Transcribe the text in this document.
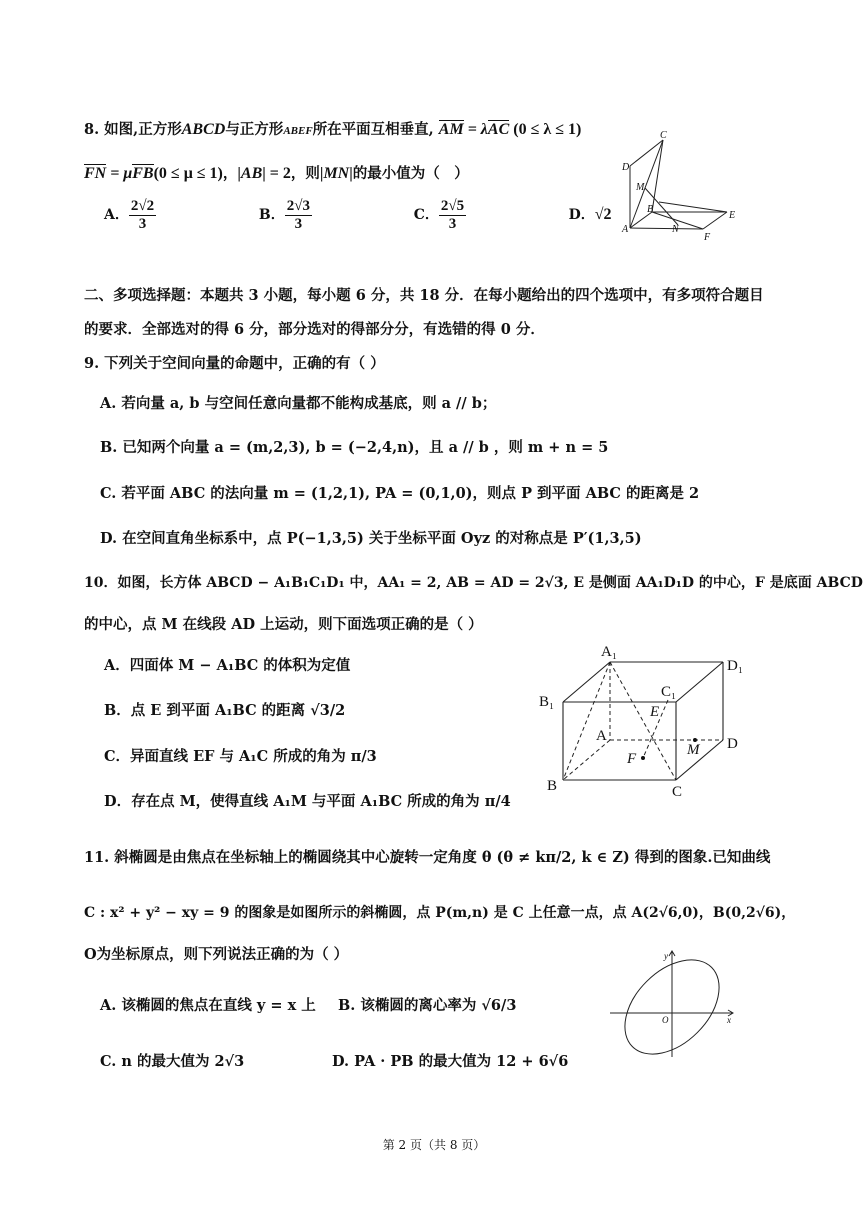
8. 如图,正方形ABCD与正方形ABEF所在平面互相垂直, AM = λAC (0 ≤ λ ≤ 1)
FN = μFB(0 ≤ μ ≤ 1)，|AB| = 2，则|MN|的最小值为（　）
A． $\frac{2√2}{3}$	B． $\frac{2√3}{3}$	C． $\frac{2√5}{3}$	D．√2
C
D
M
B
E
A	N
F
二、多项选择题：本题共 3 小题，每小题 6 分，共 18 分．在每小题给出的四个选项中，有多项符合题目
的要求．全部选对的得 6 分，部分选对的得部分分，有选错的得 0 分．
9. 下列关于空间向量的命题中，正确的有（ ）
A. 若向量 a, b 与空间任意向量都不能构成基底，则 a // b；
B. 已知两个向量 a = (m,2,3), b = (−2,4,n)，且 a // b ，则 m + n = 5
C. 若平面 ABC 的法向量 m = (1,2,1), PA = (0,1,0)，则点 P 到平面 ABC 的距离是 2
D. 在空间直角坐标系中，点 P(−1,3,5) 关于坐标平面 Oyz 的对称点是 P′(1,3,5)
10．如图，长方体 ABCD − A₁B₁C₁D₁ 中，AA₁ = 2, AB = AD = 2√3, E 是侧面 AA₁D₁D 的中心，F 是底面 ABCD
的中心，点 M 在线段 AD 上运动，则下面选项正确的是（ ）
A．四面体 M − A₁BC 的体积为定值
B．点 E 到平面 A₁BC 的距离 √3/2
C．异面直线 EF 与 A₁C 所成的角为 π/3
D．存在点 M，使得直线 A₁M 与平面 A₁BC 所成的角为 π/4
A₁
D₁
B₁
C₁
E
A
M D
F
B	C
11. 斜椭圆是由焦点在坐标轴上的椭圆绕其中心旋转一定角度 θ (θ ≠ kπ/2, k ∈ Z) 得到的图象.已知曲线
C : x² + y² − xy = 9 的图象是如图所示的斜椭圆，点 P(m,n) 是 C 上任意一点，点 A(2√6,0)，B(0,2√6)，
O为坐标原点，则下列说法正确的为（ ）
A. 该椭圆的焦点在直线 y = x 上 B. 该椭圆的离心率为 √6/3
C. n 的最大值为 2√3	D. PA · PB 的最大值为 12 + 6√6
y
O	x
第 2 页（共 8 页）
